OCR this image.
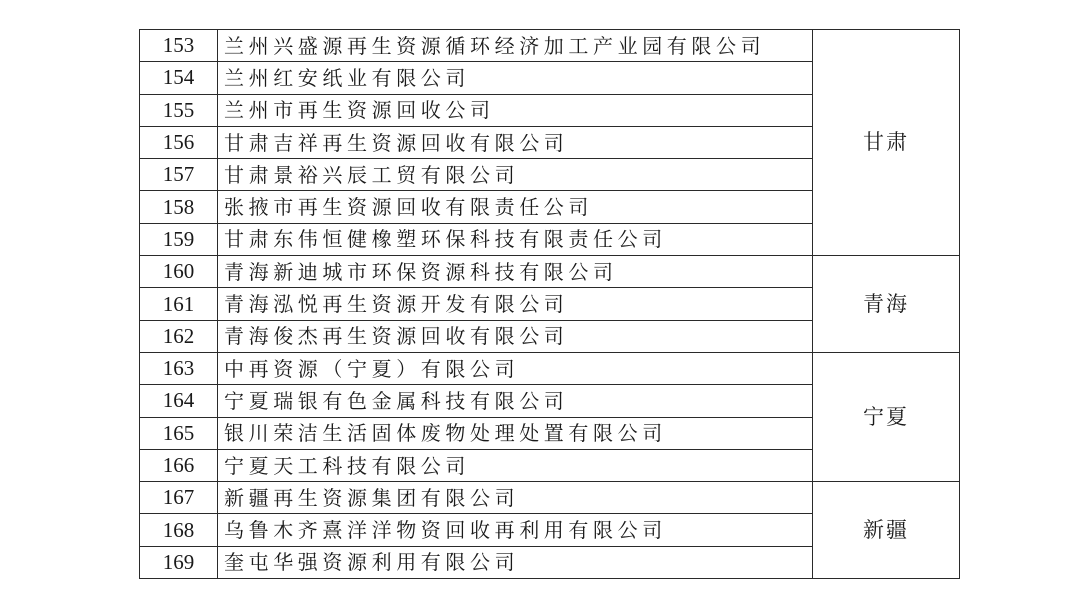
153	兰州兴盛源再生资源循环经济加工产业园有限公司	甘肃
154	兰州红安纸业有限公司	
155	兰州市再生资源回收公司	
156	甘肃吉祥再生资源回收有限公司	
157	甘肃景裕兴辰工贸有限公司	
158	张掖市再生资源回收有限责任公司	
159	甘肃东伟恒健橡塑环保科技有限责任公司	
160	青海新迪城市环保资源科技有限公司	青海
161	青海泓悦再生资源开发有限公司	
162	青海俊杰再生资源回收有限公司	
163	中再资源（宁夏）有限公司	宁夏
164	宁夏瑞银有色金属科技有限公司	
165	银川荣洁生活固体废物处理处置有限公司	
166	宁夏天工科技有限公司	
167	新疆再生资源集团有限公司	新疆
168	乌鲁木齐熹洋洋物资回收再利用有限公司	
169	奎屯华强资源利用有限公司	
